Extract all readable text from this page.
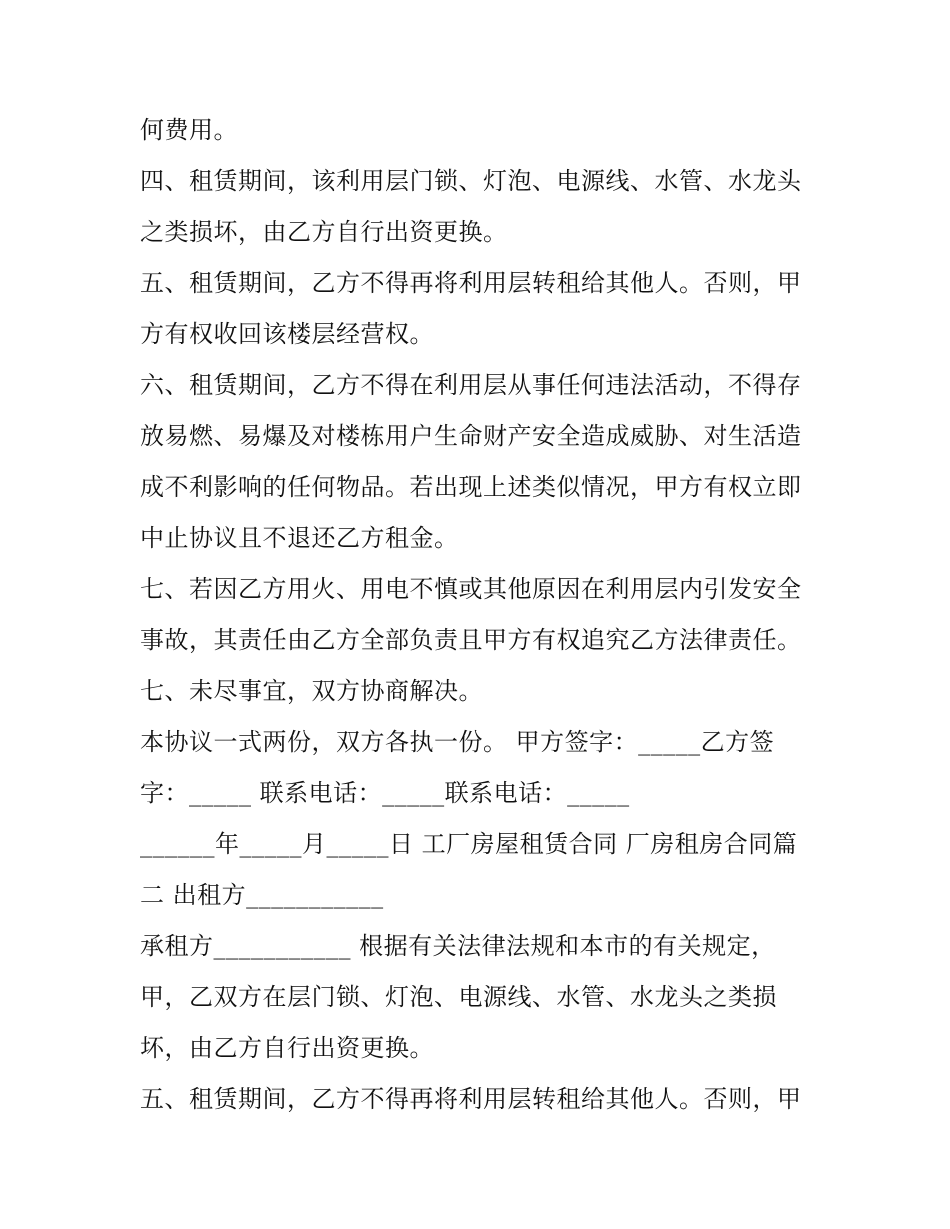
何费用。
四、租赁期间，该利用层门锁、灯泡、电源线、水管、水龙头
之类损坏，由乙方自行出资更换。
五、租赁期间，乙方不得再将利用层转租给其他人。否则，甲
方有权收回该楼层经营权。
六、租赁期间，乙方不得在利用层从事任何违法活动，不得存
放易燃、易爆及对楼栋用户生命财产安全造成威胁、对生活造
成不利影响的任何物品。若出现上述类似情况，甲方有权立即
中止协议且不退还乙方租金。
七、若因乙方用火、用电不慎或其他原因在利用层内引发安全
事故，其责任由乙方全部负责且甲方有权追究乙方法律责任。
七、未尽事宜，双方协商解决。
本协议一式两份，双方各执一份。 甲方签字：_____乙方签
字：_____ 联系电话：_____联系电话：_____
______年_____月_____日 工厂房屋租赁合同 厂房租房合同篇
二 出租方___________
承租方___________ 根据有关法律法规和本市的有关规定，
甲，乙双方在层门锁、灯泡、电源线、水管、水龙头之类损
坏，由乙方自行出资更换。
五、租赁期间，乙方不得再将利用层转租给其他人。否则，甲
